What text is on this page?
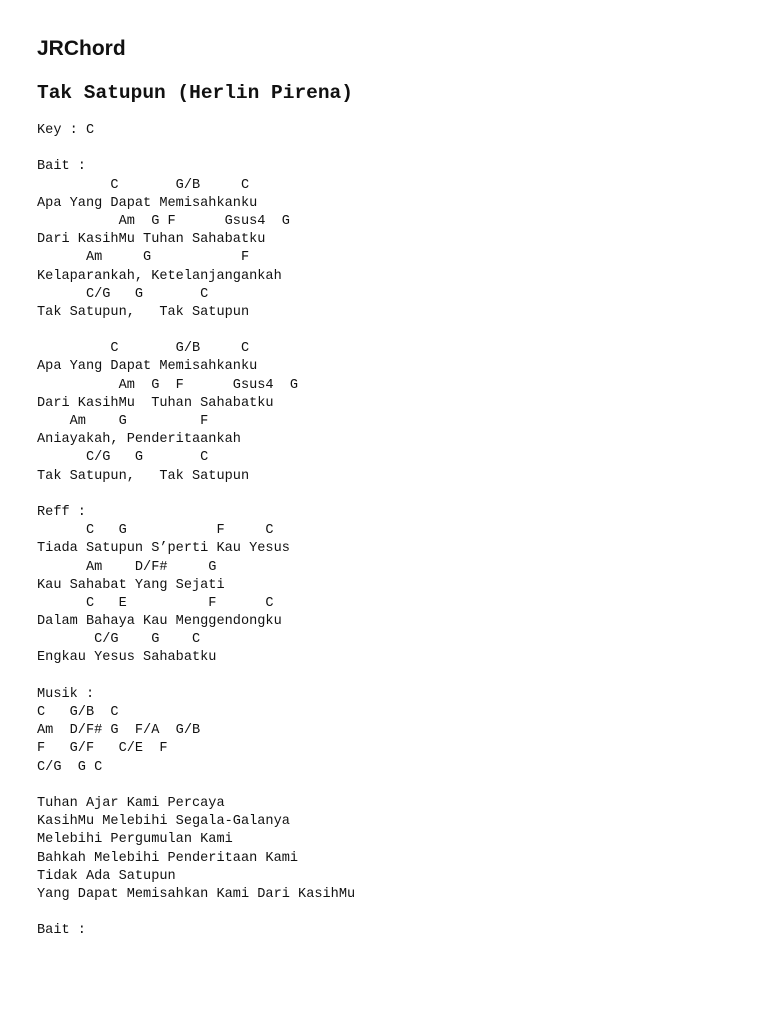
JRChord
Tak Satupun (Herlin Pirena)
Key : C
Bait :
C       G/B     C
Apa Yang Dapat Memisahkanku
Am  G F      Gsus4  G
Dari KasihMu Tuhan Sahabatku
Am     G           F
Kelaparankah, Ketelanjangankah
C/G   G       C
Tak Satupun,   Tak Satupun
C       G/B     C
Apa Yang Dapat Memisahkanku
Am  G  F      Gsus4  G
Dari KasihMu  Tuhan Sahabatku
Am    G         F
Aniayakah, Penderitaankah
C/G   G       C
Tak Satupun,   Tak Satupun
Reff :
C   G           F     C
Tiada Satupun S’perti Kau Yesus
Am    D/F#     G
Kau Sahabat Yang Sejati
C   E          F      C
Dalam Bahaya Kau Menggendongku
C/G    G    C
Engkau Yesus Sahabatku
Musik :
C   G/B  C
Am  D/F# G  F/A  G/B
F   G/F   C/E  F
C/G  G C
Tuhan Ajar Kami Percaya
KasihMu Melebihi Segala-Galanya
Melebihi Pergumulan Kami
Bahkah Melebihi Penderitaan Kami
Tidak Ada Satupun
Yang Dapat Memisahkan Kami Dari KasihMu
Bait :
